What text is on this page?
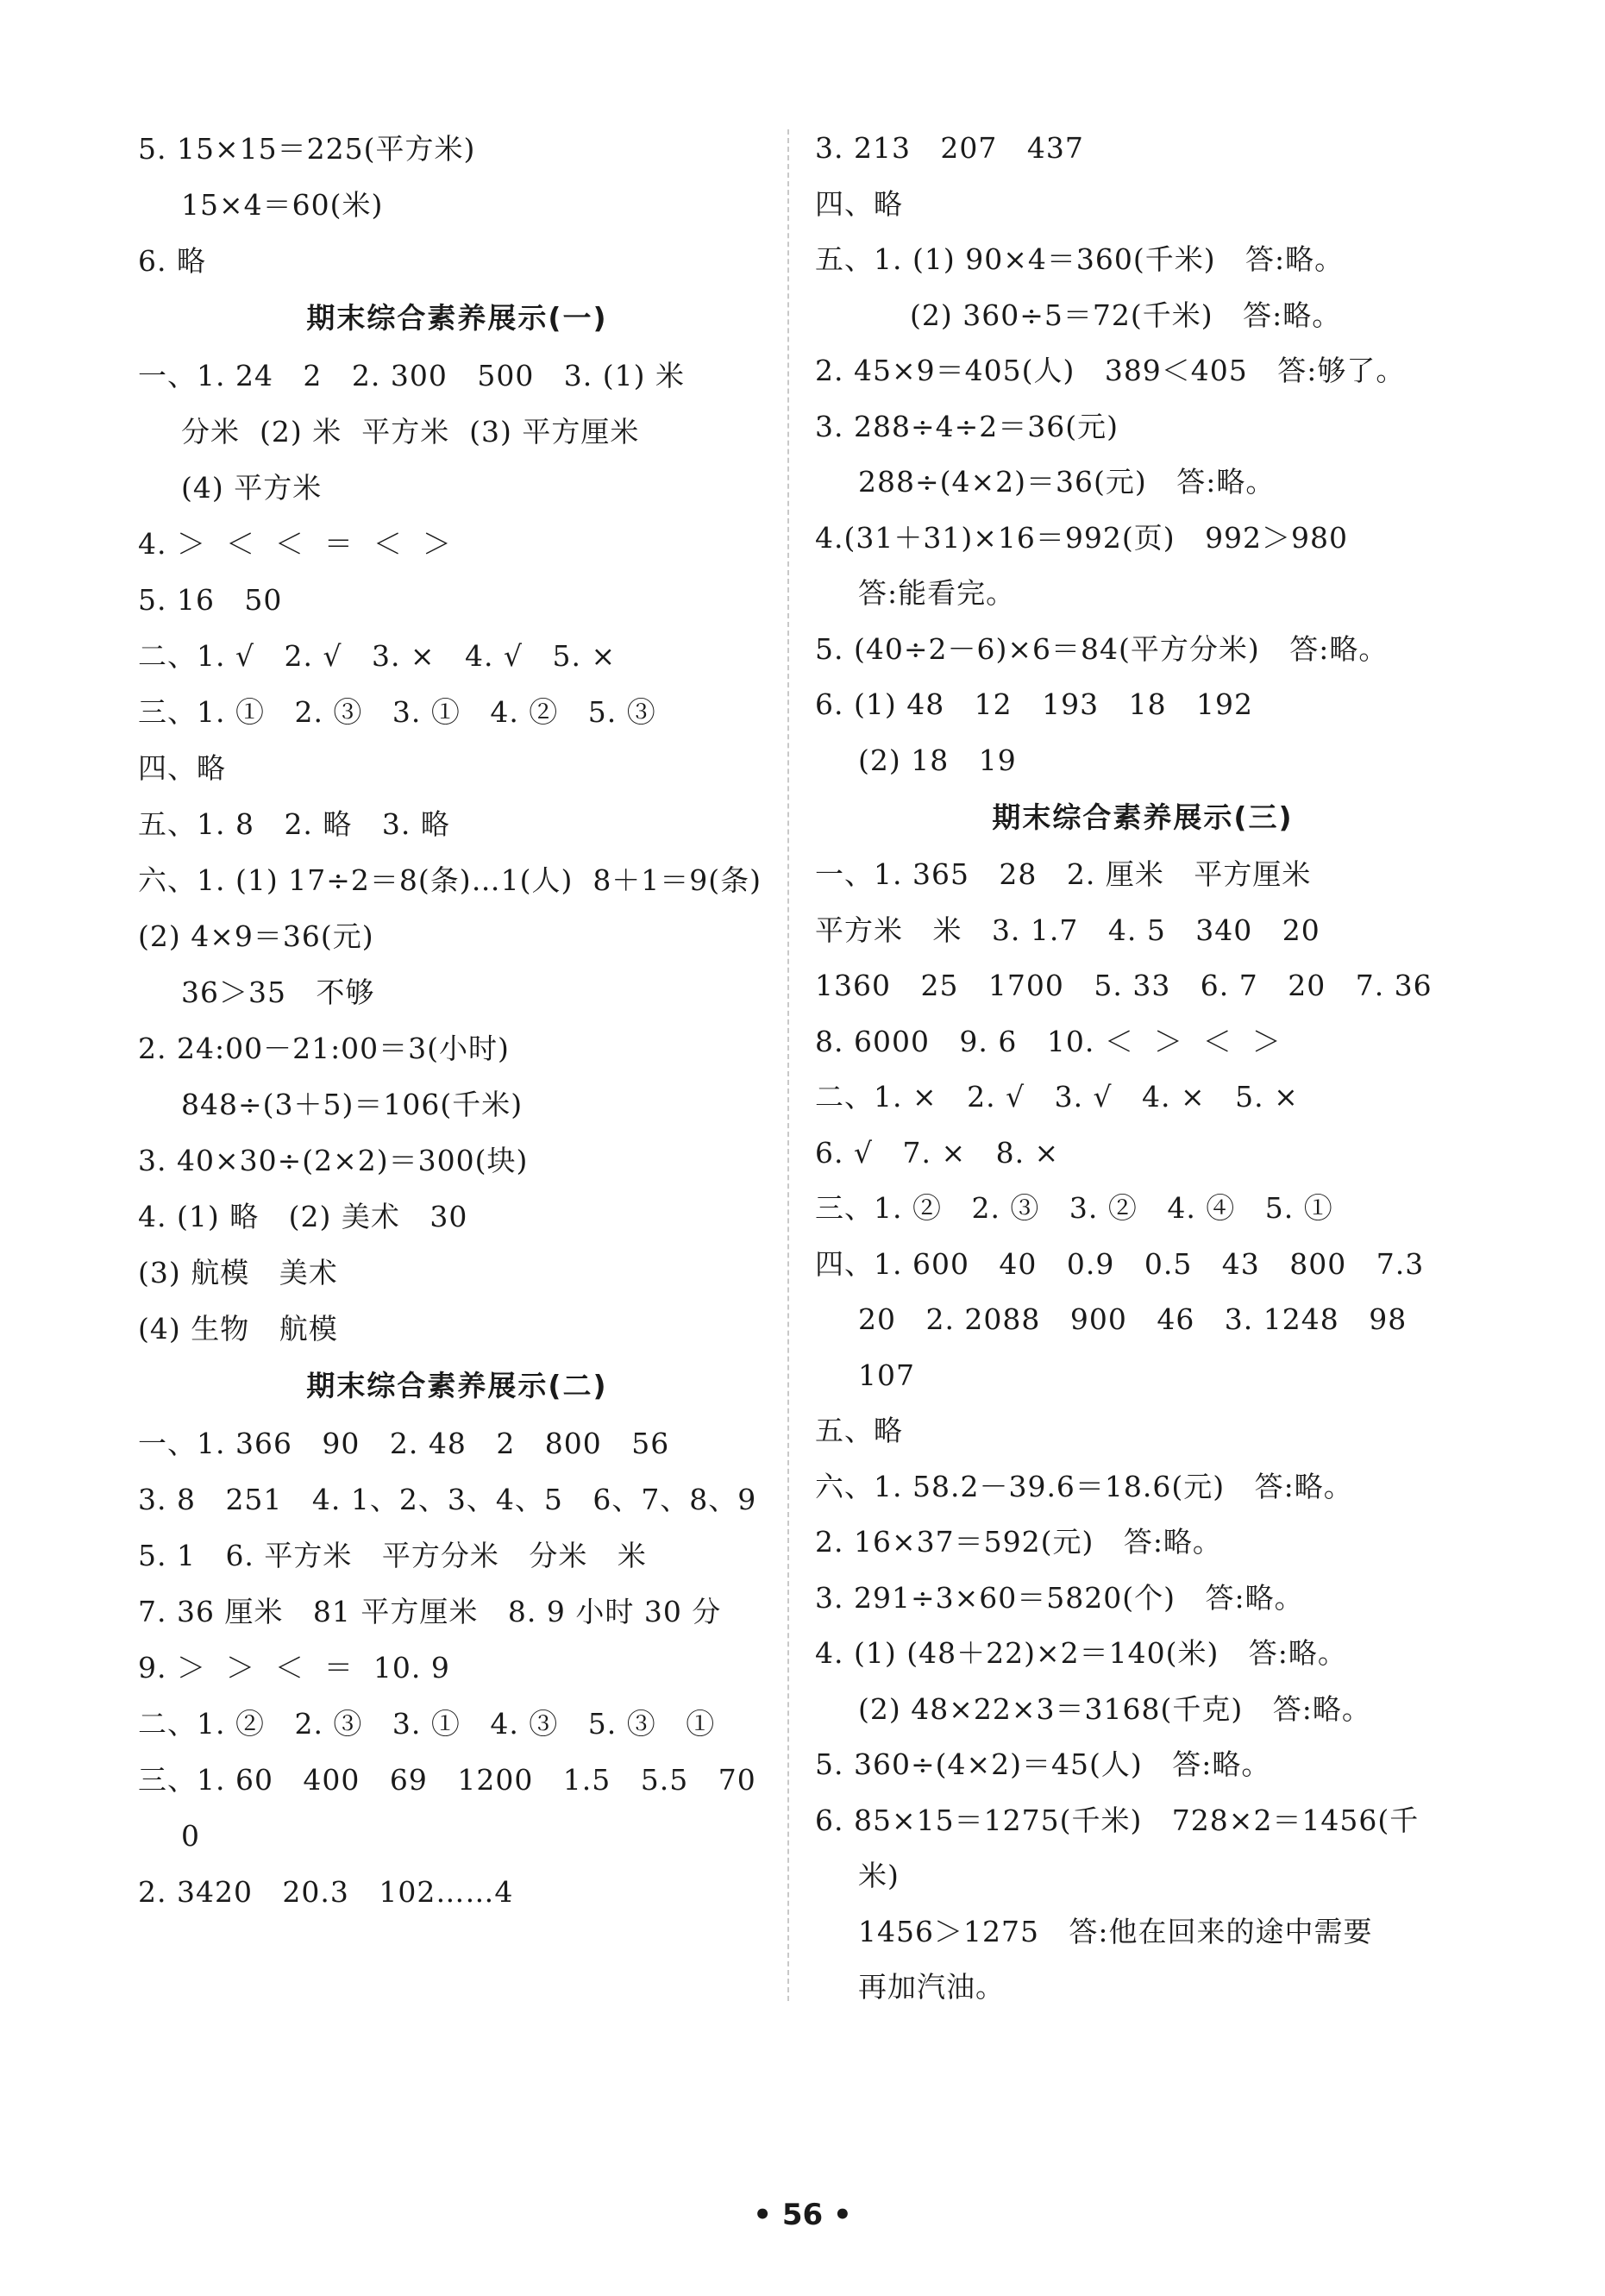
5. 15×15＝225(平方米)
15×4＝60(米)
6. 略
期末综合素养展示(一)
一、1. 24   2   2. 300   500   3. (1) 米
分米  (2) 米  平方米  (3) 平方厘米
(4) 平方米
4. ＞  ＜  ＜  ＝  ＜  ＞
5. 16   50
二、1. √   2. √   3. ×   4. √   5. ×
三、1. ①   2. ③   3. ①   4. ②   5. ③
四、略
五、1. 8   2. 略   3. 略
六、1. (1) 17÷2＝8(条)…1(人)  8＋1＝9(条)
(2) 4×9＝36(元)
36＞35   不够
2. 24:00－21:00＝3(小时)
848÷(3＋5)＝106(千米)
3. 40×30÷(2×2)＝300(块)
4. (1) 略   (2) 美术   30
(3) 航模   美术
(4) 生物   航模
期末综合素养展示(二)
一、1. 366   90   2. 48   2   800   56
3. 8   251   4. 1、2、3、4、5   6、7、8、9
5. 1   6. 平方米   平方分米   分米   米
7. 36 厘米   81 平方厘米   8. 9 小时 30 分
9. ＞  ＞  ＜  ＝  10. 9
二、1. ②   2. ③   3. ①   4. ③   5. ③   ①
三、1. 60   400   69   1200   1.5   5.5   70
0
2. 3420   20.3   102……4
3. 213   207   437
四、略
五、1. (1) 90×4＝360(千米)   答:略。
(2) 360÷5＝72(千米)   答:略。
2. 45×9＝405(人)   389＜405   答:够了。
3. 288÷4÷2＝36(元)
288÷(4×2)＝36(元)   答:略。
4.(31＋31)×16＝992(页)   992＞980
答:能看完。
5. (40÷2－6)×6＝84(平方分米)   答:略。
6. (1) 48   12   193   18   192
(2) 18   19
期末综合素养展示(三)
一、1. 365   28   2. 厘米   平方厘米
平方米   米   3. 1.7   4. 5   340   20
1360   25   1700   5. 33   6. 7   20   7. 36
8. 6000   9. 6   10. ＜  ＞  ＜  ＞
二、1. ×   2. √   3. √   4. ×   5. ×
6. √   7. ×   8. ×
三、1. ②   2. ③   3. ②   4. ④   5. ①
四、1. 600   40   0.9   0.5   43   800   7.3
20   2. 2088   900   46   3. 1248   98
107
五、略
六、1. 58.2－39.6＝18.6(元)   答:略。
2. 16×37＝592(元)   答:略。
3. 291÷3×60＝5820(个)   答:略。
4. (1) (48＋22)×2＝140(米)   答:略。
(2) 48×22×3＝3168(千克)   答:略。
5. 360÷(4×2)＝45(人)   答:略。
6. 85×15＝1275(千米)   728×2＝1456(千
米)
1456＞1275   答:他在回来的途中需要
再加汽油。
• 56 •
